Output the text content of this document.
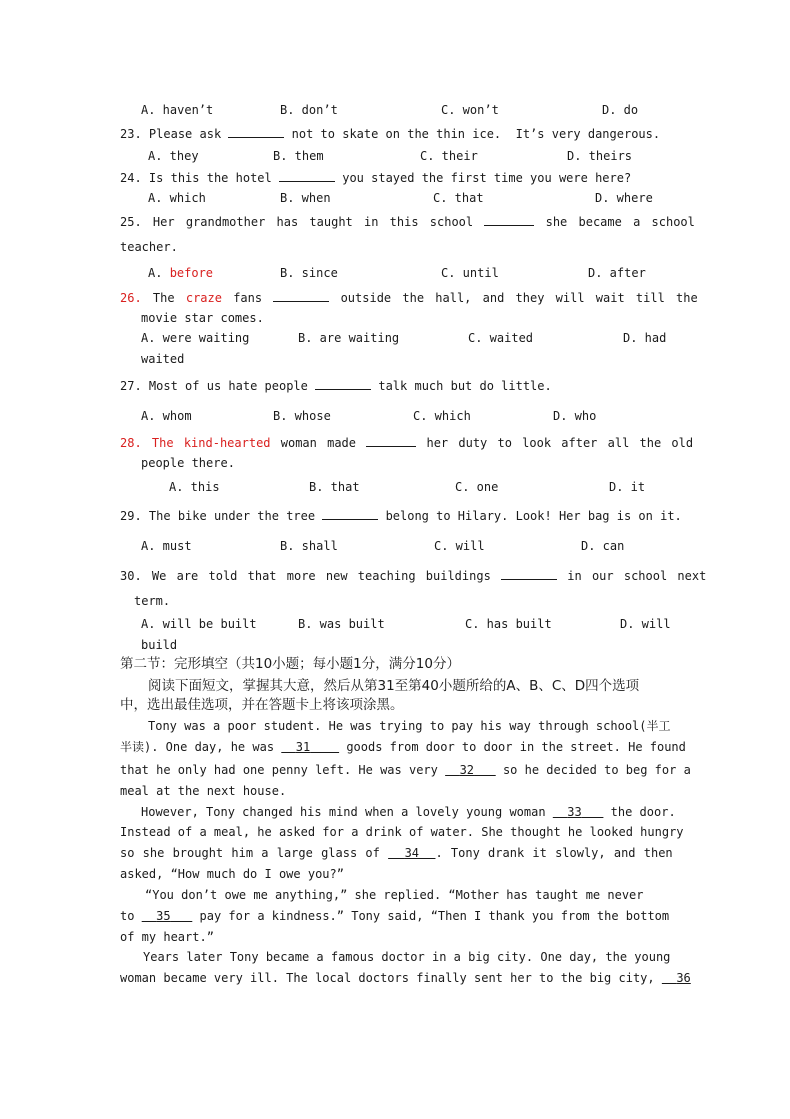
A. haven’t	B. don’t	C. won’t	D. do
23. Please ask	not to skate on the thin ice.  It’s very dangerous.
A. they	B. them	C. their	D. theirs
24. Is this the hotel	you stayed the first time you were here?
A. which	B. when	C. that	D. where
25. Her grandmother has taught in this school	she became a school
teacher.
A. before	B. since	C. until	D. after
26. The craze fans	outside the hall, and they will wait till the
movie star comes.
A. were waiting	B. are waiting	C. waited	D. had
waited
27. Most of us hate people	talk much but do little.
A. whom	B. whose	C. which	D. who
28. The kind-hearted woman made	her duty to look after all the old
people there.
A. this	B. that	C. one	D. it
29. The bike under the tree	belong to Hilary. Look! Her bag is on it.
A. must	B. shall	C. will	D. can
30. We are told that more new teaching buildings	in our school next
term.
A. will be built	B. was built	C. has built	D. will
build
第二节：完形填空（共10小题；每小题1分，满分10分）
阅读下面短文，掌握其大意，然后从第31至第40小题所给的A、B、C、D四个选项
中，选出最佳选项，并在答题卡上将该项涂黑。
Tony was a poor student. He was trying to pay his way through school(半工
半读). One day, he was 31	goods from door to door in the street. He found
that he only had one penny left. He was very 32 so he decided to beg for a
meal at the next house.
However, Tony changed his mind when a lovely young woman 33 the door.
Instead of a meal, he asked for a drink of water. She thought he looked hungry
so she brought him a large glass of 34 . Tony drank it slowly, and then
asked, “How much do I owe you?”
“You don’t owe me anything,” she replied. “Mother has taught me never
to 35 pay for a kindness.” Tony said, “Then I thank you from the bottom
of my heart.”
Years later Tony became a famous doctor in a big city. One day, the young
woman became very ill. The local doctors finally sent her to the big city, 36
